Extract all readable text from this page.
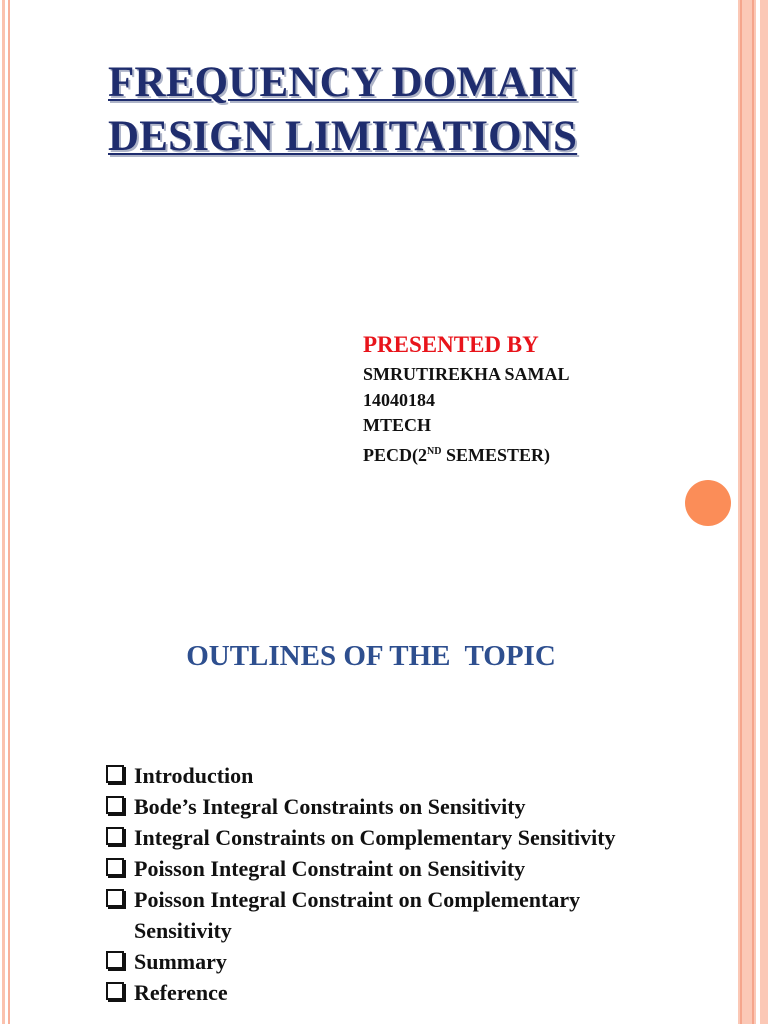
FREQUENCY DOMAIN
DESIGN LIMITATIONS
PRESENTED BY
SMRUTIREKHA SAMAL
14040184
MTECH
PECD(2ND SEMESTER)
OUTLINES OF THE  TOPIC
Introduction
Bode’s Integral Constraints on Sensitivity
Integral Constraints on Complementary Sensitivity
Poisson Integral Constraint on Sensitivity
Poisson Integral Constraint on Complementary Sensitivity
Summary
Reference
